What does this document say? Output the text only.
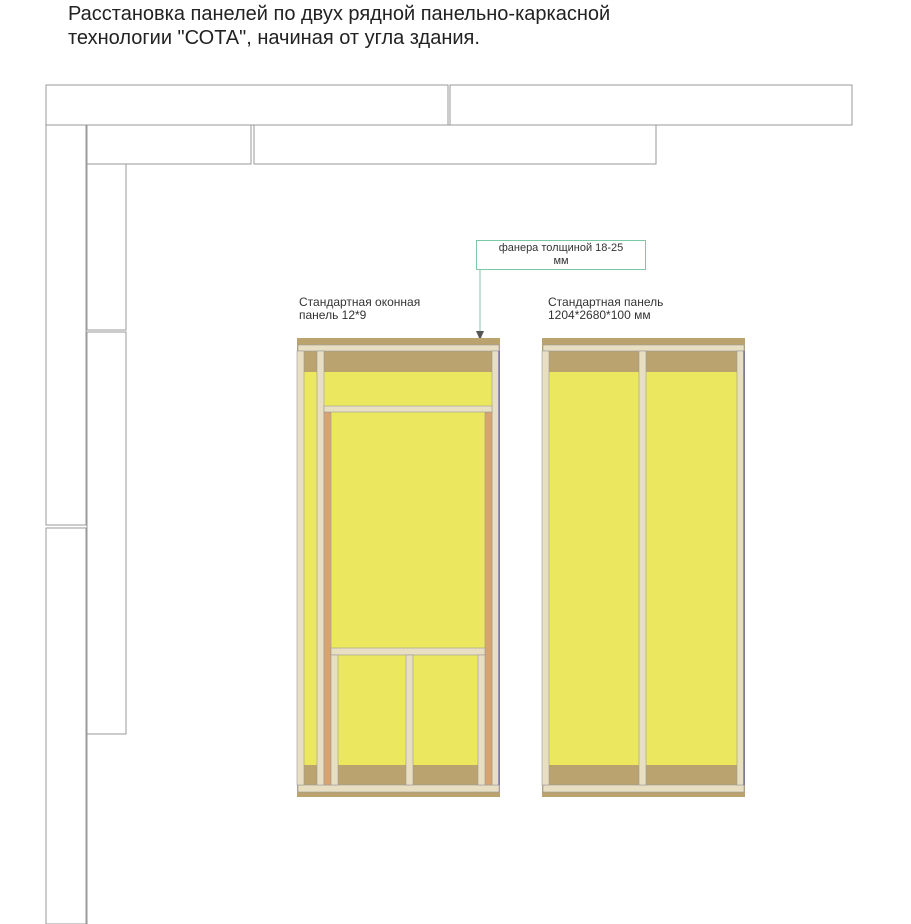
Расстановка панелей по двух рядной панельно-каркасной
технологии "СОТА", начиная от угла здания.
фанера толщиной 18-25
мм
Стандартная оконная
панель 12*9
Стандартная панель
1204*2680*100 мм
